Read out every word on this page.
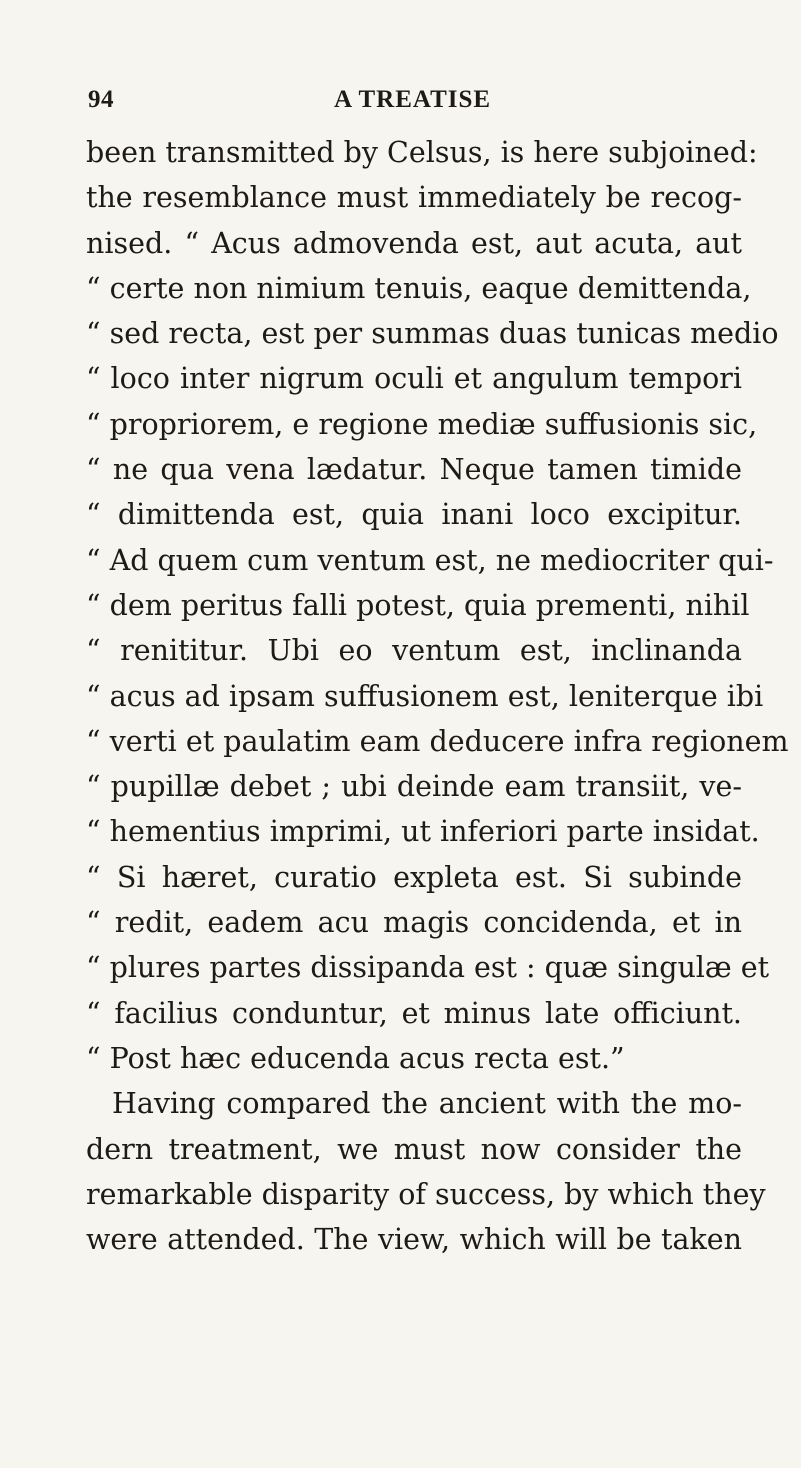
94	A TREATISE
been transmitted by Celsus, is here subjoined:
the resemblance must immediately be recog-
nised. “ Acus admovenda est, aut acuta, aut
“ certe non nimium tenuis, eaque demittenda,
“ sed recta, est per summas duas tunicas medio
“ loco inter nigrum oculi et angulum tempori
“ propriorem, e regione mediæ suffusionis sic,
“ ne qua vena lædatur. Neque tamen timide
“ dimittenda est, quia inani loco excipitur.
“ Ad quem cum ventum est, ne mediocriter qui-
“ dem peritus falli potest, quia prementi, nihil
“ renititur. Ubi eo ventum est, inclinanda
“ acus ad ipsam suffusionem est, leniterque ibi
“ verti et paulatim eam deducere infra regionem
“ pupillæ debet ; ubi deinde eam transiit, ve-
“ hementius imprimi, ut inferiori parte insidat.
“ Si hæret, curatio expleta est. Si subinde
“ redit, eadem acu magis concidenda, et in
“ plures partes dissipanda est : quæ singulæ et
“ facilius conduntur, et minus late officiunt.
“ Post hæc educenda acus recta est.”
Having compared the ancient with the mo-
dern treatment, we must now consider the
remarkable disparity of success, by which they
were attended. The view, which will be taken
